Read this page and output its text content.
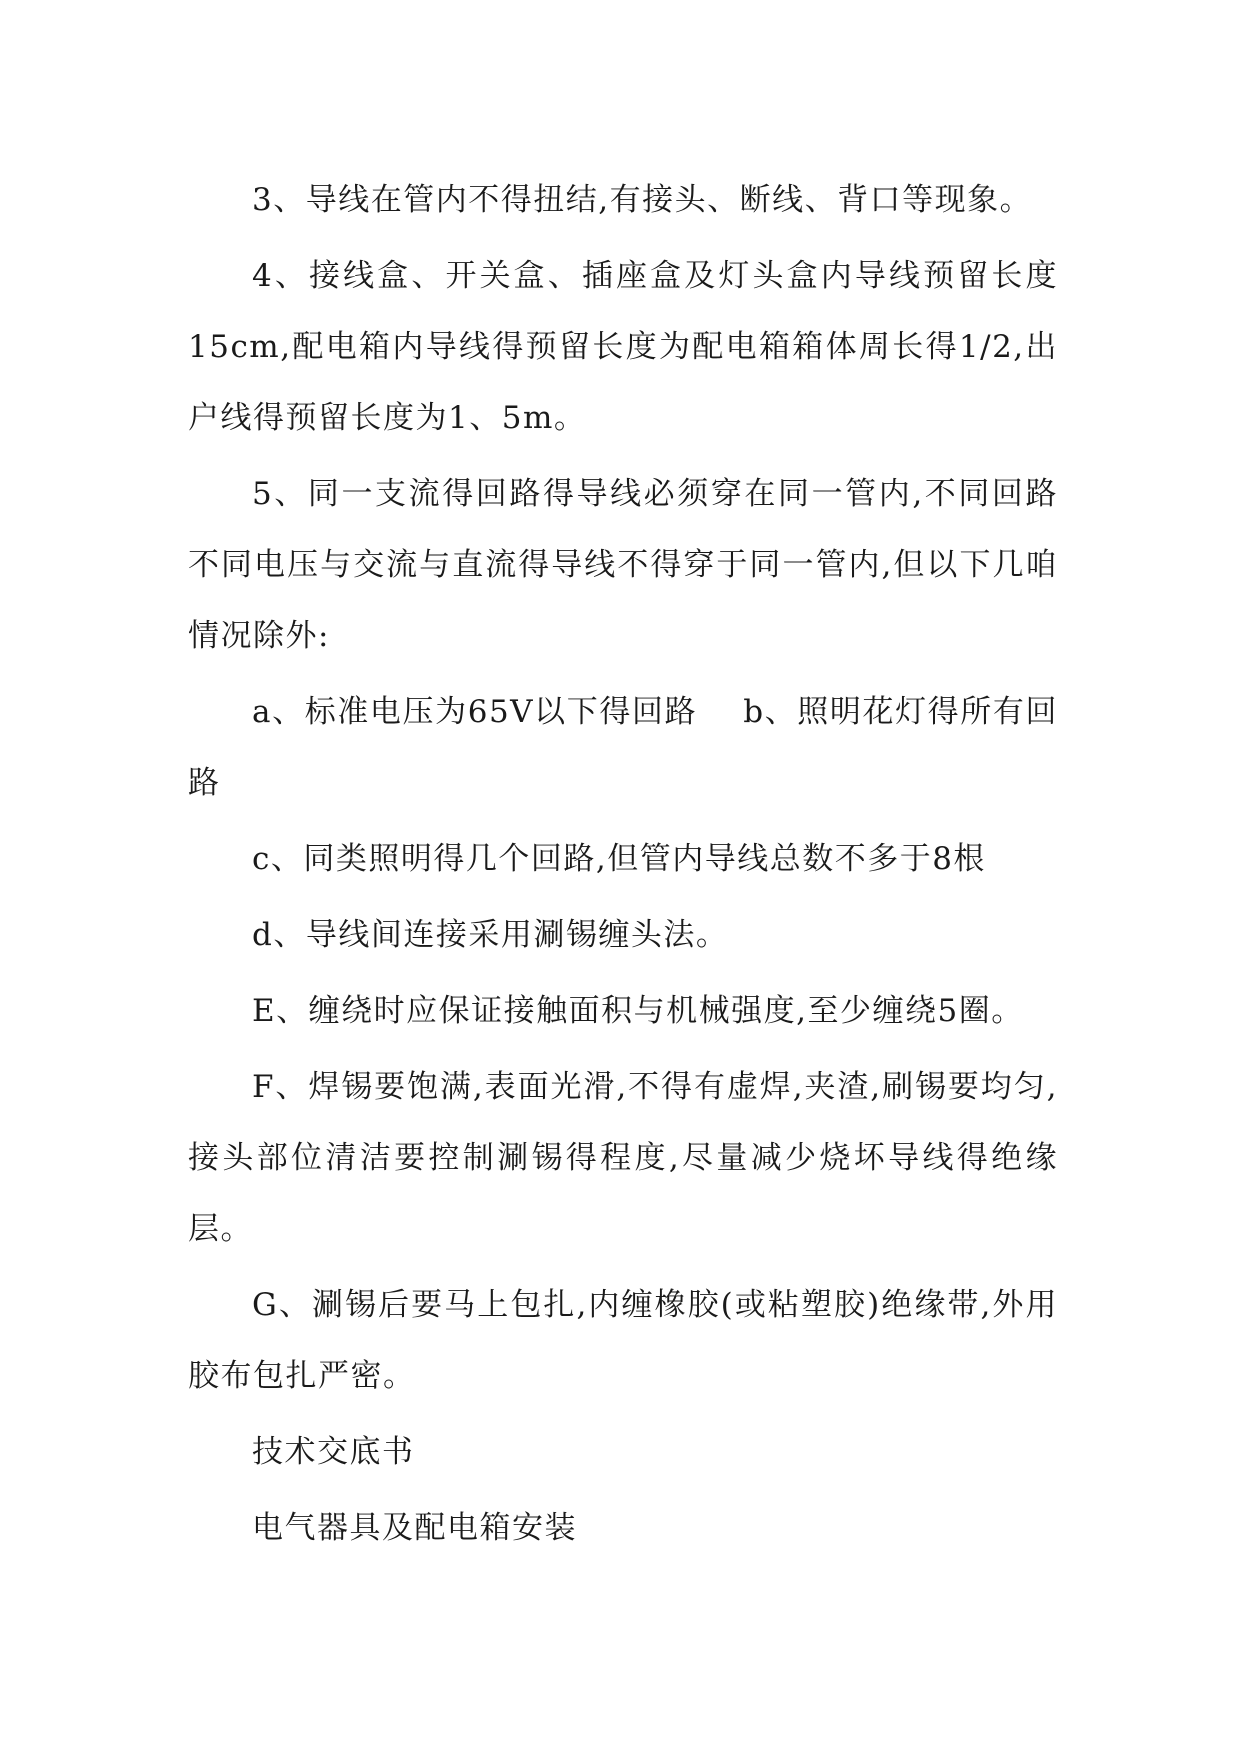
3、导线在管内不得扭结,有接头、断线、背口等现象。

4、接线盒、开关盒、插座盒及灯头盒内导线预留长度15cm,配电箱内导线得预留长度为配电箱箱体周长得1/2,出户线得预留长度为1、5m。

5、同一支流得回路得导线必须穿在同一管内,不同回路不同电压与交流与直流得导线不得穿于同一管内,但以下几咱情况除外:

a、标准电压为65V以下得回路 b、照明花灯得所有回路

c、同类照明得几个回路,但管内导线总数不多于8根

d、导线间连接采用涮锡缠头法。

E、缠绕时应保证接触面积与机械强度,至少缠绕5圈。

F、焊锡要饱满,表面光滑,不得有虚焊,夹渣,刷锡要均匀,接头部位清洁要控制涮锡得程度,尽量减少烧坏导线得绝缘层。

G、涮锡后要马上包扎,内缠橡胶(或粘塑胶)绝缘带,外用胶布包扎严密。

技术交底书

电气器具及配电箱安装
